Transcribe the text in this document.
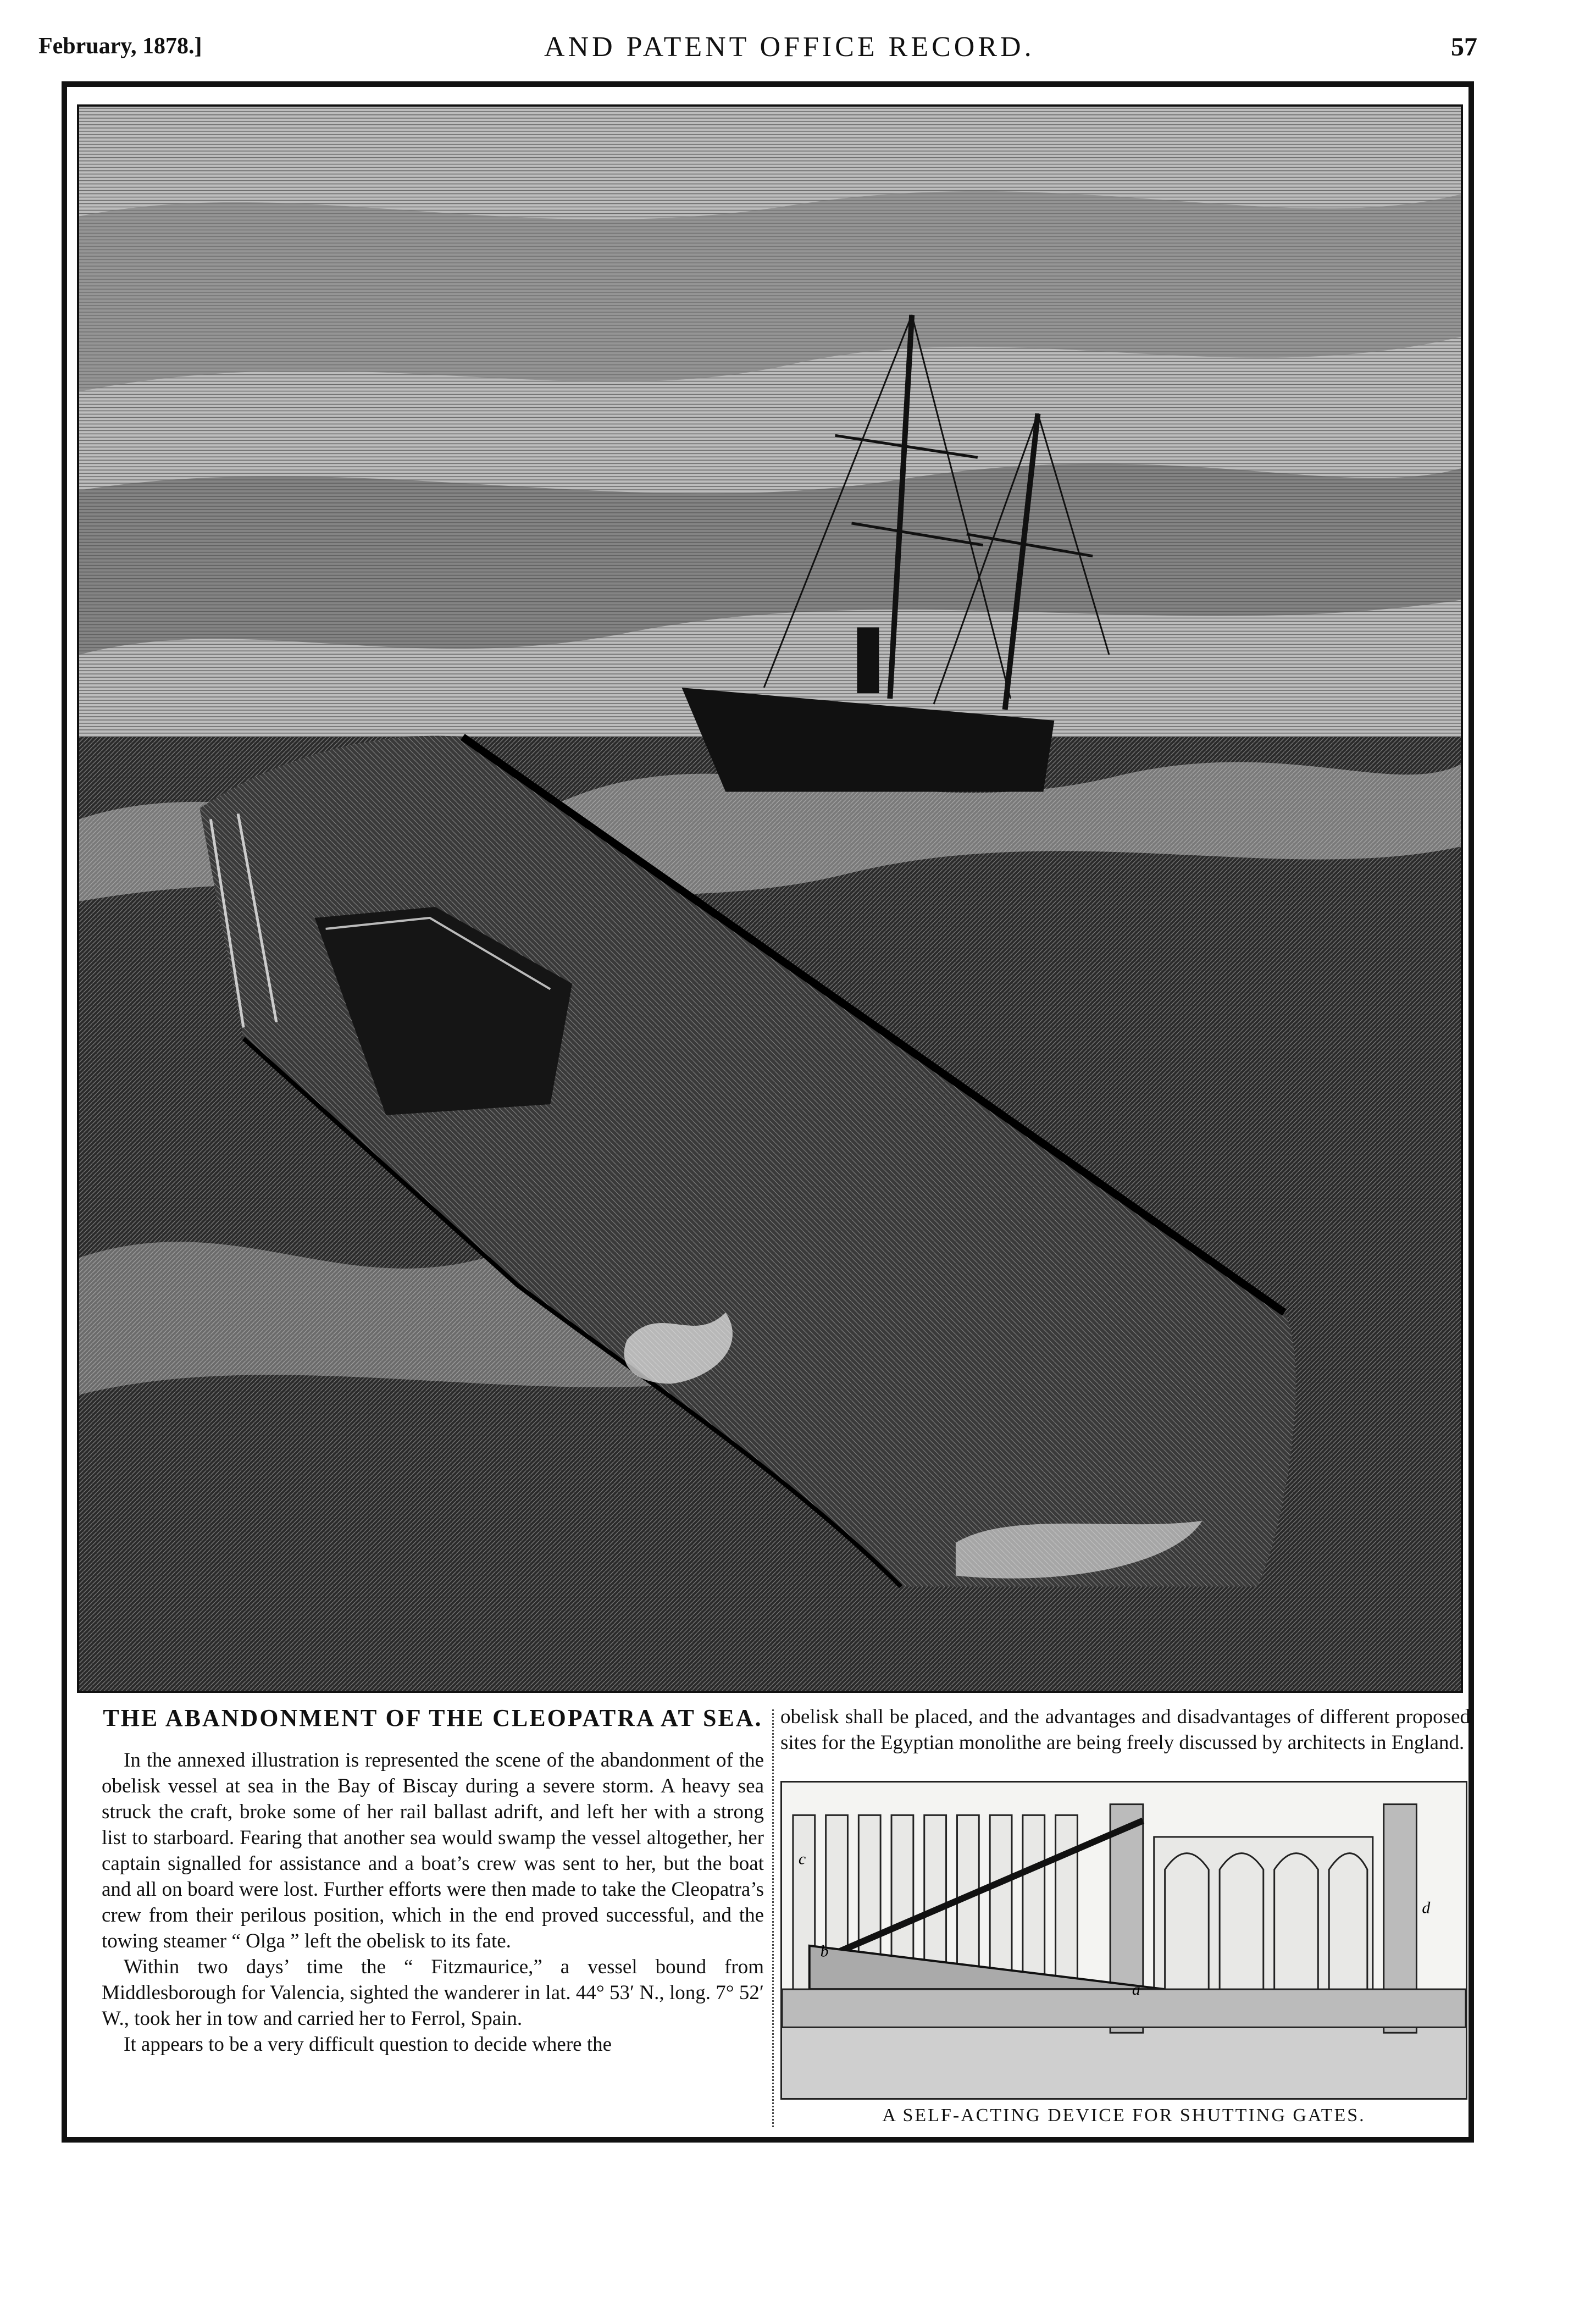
February, 1878.]	AND PATENT OFFICE RECORD.	57
THE ABANDONMENT OF THE CLEOPATRA AT SEA.

In the annexed illustration is represented the scene of the abandonment of the obelisk vessel at sea in the Bay of Biscay during a severe storm. A heavy sea struck the craft, broke some of her rail ballast adrift, and left her with a strong list to starboard. Fearing that another sea would swamp the vessel altogether, her captain signalled for assistance and a boat’s crew was sent to her, but the boat and all on board were lost. Further efforts were then made to take the Cleopatra’s crew from their perilous position, which in the end proved successful, and the towing steamer “ Olga ” left the obelisk to its fate.

Within two days’ time the “ Fitzmaurice,” a vessel bound from Middlesborough for Valencia, sighted the wanderer in lat. 44° 53′ N., long. 7° 52′ W., took her in tow and carried her to Ferrol, Spain.

It appears to be a very difficult question to decide where the

obelisk shall be placed, and the advantages and disadvantages of different proposed sites for the Egyptian monolithe are being freely discussed by architects in England.

c
b
a
d
A SELF-ACTING DEVICE FOR SHUTTING GATES.
